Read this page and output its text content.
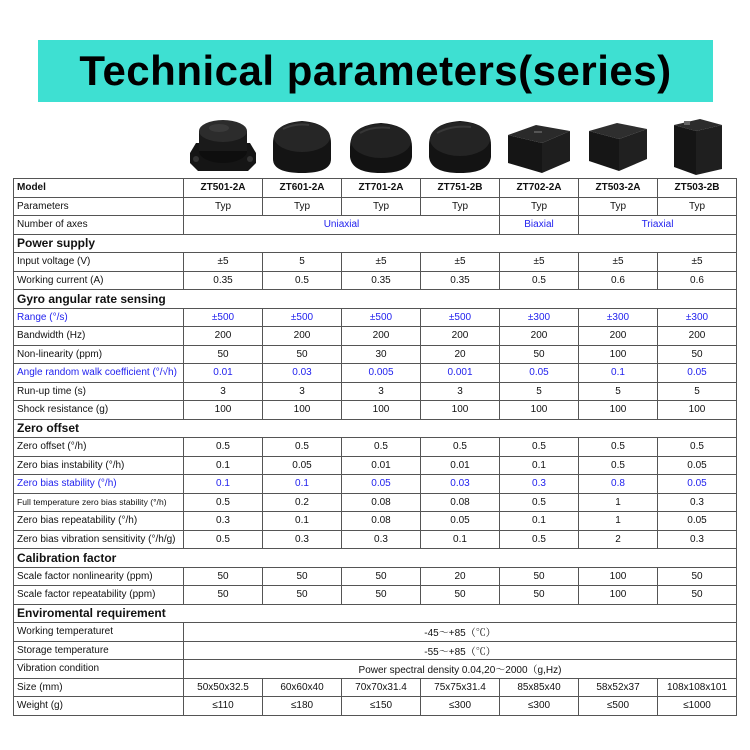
Technical parameters(series)
Model	ZT501-2A	ZT601-2A	ZT701-2A	ZT751-2B	ZT702-2A	ZT503-2A	ZT503-2B
Parameters	Typ	Typ	Typ	Typ	Typ	Typ	Typ
Number of axes	Uniaxial				Biaxial	Triaxial	
Power supply							
Input voltage (V)	±5	5	±5	±5	±5	±5	±5
Working current (A)	0.35	0.5	0.35	0.35	0.5	0.6	0.6
Gyro angular rate sensing							
Range (°/s)	±500	±500	±500	±500	±300	±300	±300
Bandwidth (Hz)	200	200	200	200	200	200	200
Non-linearity (ppm)	50	50	30	20	50	100	50
Angle random walk coefficient (°/√h)	0.01	0.03	0.005	0.001	0.05	0.1	0.05
Run-up time (s)	3	3	3	3	5	5	5
Shock resistance (g)	100	100	100	100	100	100	100
Zero offset							
Zero offset (°/h)	0.5	0.5	0.5	0.5	0.5	0.5	0.5
Zero bias instability (°/h)	0.1	0.05	0.01	0.01	0.1	0.5	0.05
Zero bias stability (°/h)	0.1	0.1	0.05	0.03	0.3	0.8	0.05
Full temperature zero bias stability (°/h)	0.5	0.2	0.08	0.08	0.5	1	0.3
Zero bias repeatability (°/h)	0.3	0.1	0.08	0.05	0.1	1	0.05
Zero bias vibration sensitivity (°/h/g)	0.5	0.3	0.3	0.1	0.5	2	0.3
Calibration factor							
Scale factor nonlinearity (ppm)	50	50	50	20	50	100	50
Scale factor repeatability (ppm)	50	50	50	50	50	100	50
Enviromental requirement							
Working temperaturet	-45～+85（℃）						
Storage temperature	-55～+85（℃）						
Vibration condition	Power spectral density 0.04,20～2000（g,Hz)						
Size (mm)	50x50x32.5	60x60x40	70x70x31.4	75x75x31.4	85x85x40	58x52x37	108x108x101
Weight (g)	≤110	≤180	≤150	≤300	≤300	≤500	≤1000
